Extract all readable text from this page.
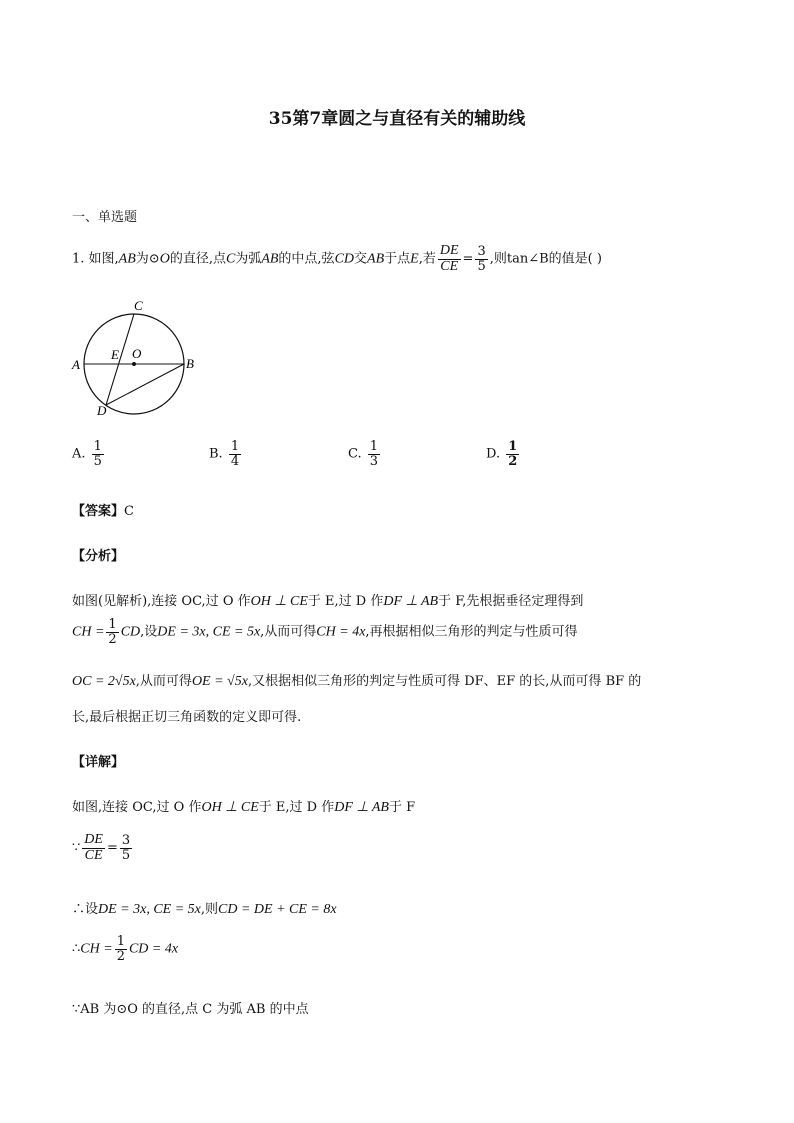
35第7章圆之与直径有关的辅助线
一、单选题
1. 如图,AB为⊙O的直径,点C为弧AB的中点,弦CD交AB于点E,若 $\frac{DE}{CE} = \frac{3}{5}$ ,则tan∠B的值是( )
A	B
C
D
E O
A. $\frac{1}{5}$	B. $\frac{1}{4}$	C. $\frac{1}{3}$	D. $\frac{1}{2}$
【答案】C
【分析】
如图(见解析),连接 OC,过 O 作OH ⊥ CE于 E,过 D 作DF ⊥ AB于 F,先根据垂径定理得到
CH = $\frac{1}{2}$ CD,设DE = 3x, CE = 5x,从而可得CH = 4x,再根据相似三角形的判定与性质可得
OC = 2√5x,从而可得OE = √5x,又根据相似三角形的判定与性质可得 DF、EF 的长,从而可得 BF 的
长,最后根据正切三角函数的定义即可得.
【详解】
如图,连接 OC,过 O 作OH ⊥ CE于 E,过 D 作DF ⊥ AB于 F
∵ $\frac{DE}{CE} = \frac{3}{5}$
∴设DE = 3x, CE = 5x,则CD = DE + CE = 8x
∴CH = $\frac{1}{2}$ CD = 4x
∵AB 为⊙O 的直径,点 C 为弧 AB 的中点
